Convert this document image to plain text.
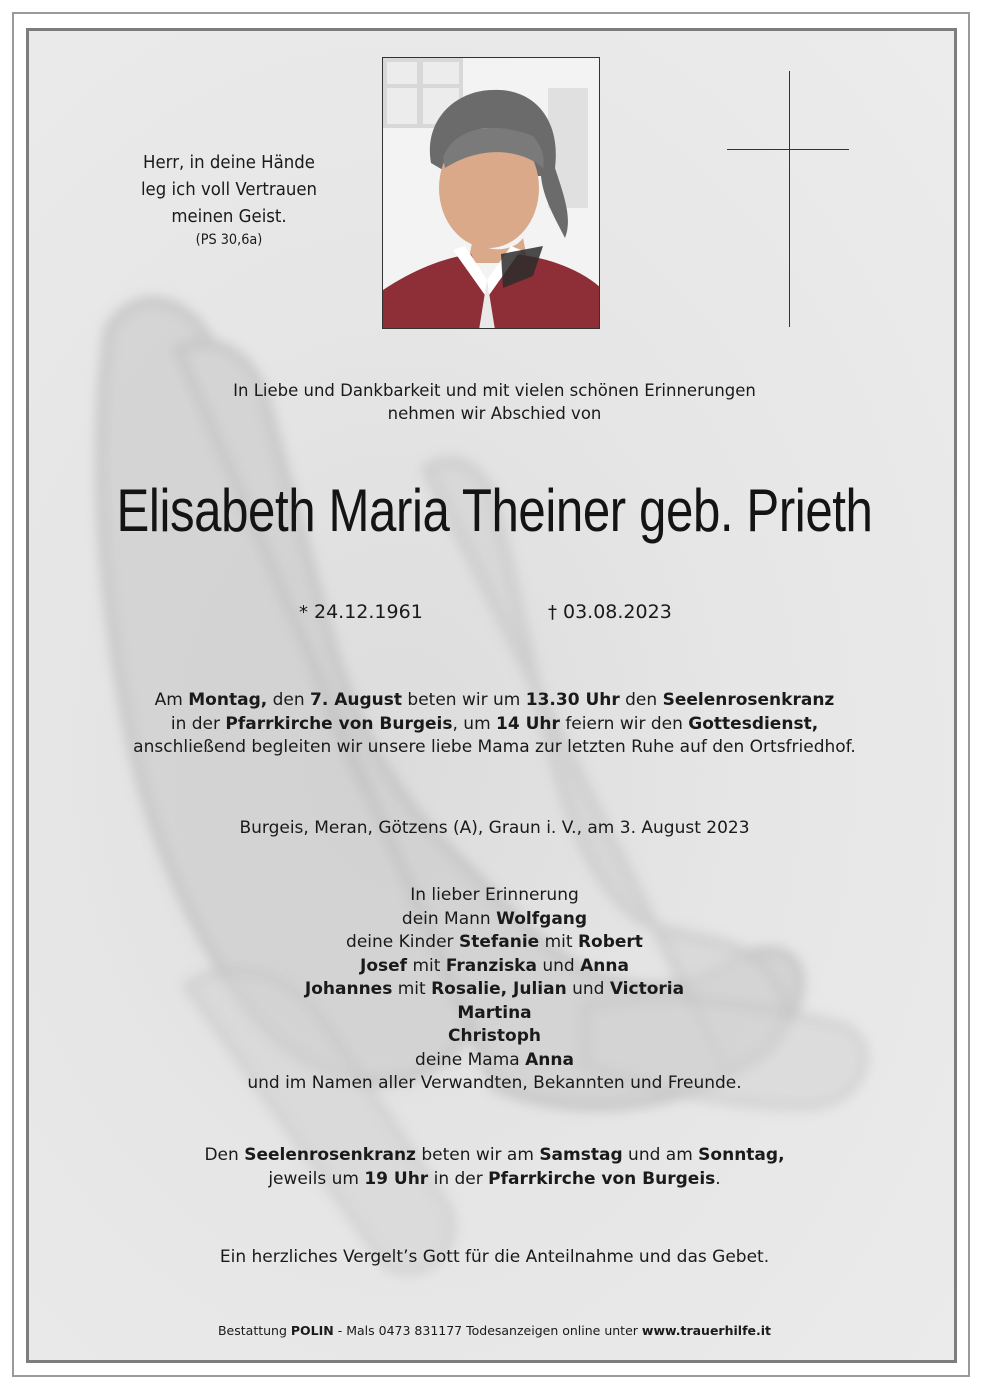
Herr, in deine Hände
leg ich voll Vertrauen
meinen Geist.
(PS 30,6a)
In Liebe und Dankbarkeit und mit vielen schönen Erinnerungen
nehmen wir Abschied von
Elisabeth Maria Theiner geb. Prieth
* 24.12.1961	† 03.08.2023
Am Montag, den 7. August beten wir um 13.30 Uhr den Seelenrosenkranz
in der Pfarrkirche von Burgeis, um 14 Uhr feiern wir den Gottesdienst,
anschließend begleiten wir unsere liebe Mama zur letzten Ruhe auf den Ortsfriedhof.
Burgeis, Meran, Götzens (A), Graun i. V., am 3. August 2023
In lieber Erinnerung
dein Mann Wolfgang
deine Kinder Stefanie mit Robert
Josef mit Franziska und Anna
Johannes mit Rosalie, Julian und Victoria
Martina
Christoph
deine Mama Anna
und im Namen aller Verwandten, Bekannten und Freunde.
Den Seelenrosenkranz beten wir am Samstag und am Sonntag,
jeweils um 19 Uhr in der Pfarrkirche von Burgeis.
Ein herzliches Vergelt’s Gott für die Anteilnahme und das Gebet.
Bestattung POLIN - Mals 0473 831177 Todesanzeigen online unter www.trauerhilfe.it
